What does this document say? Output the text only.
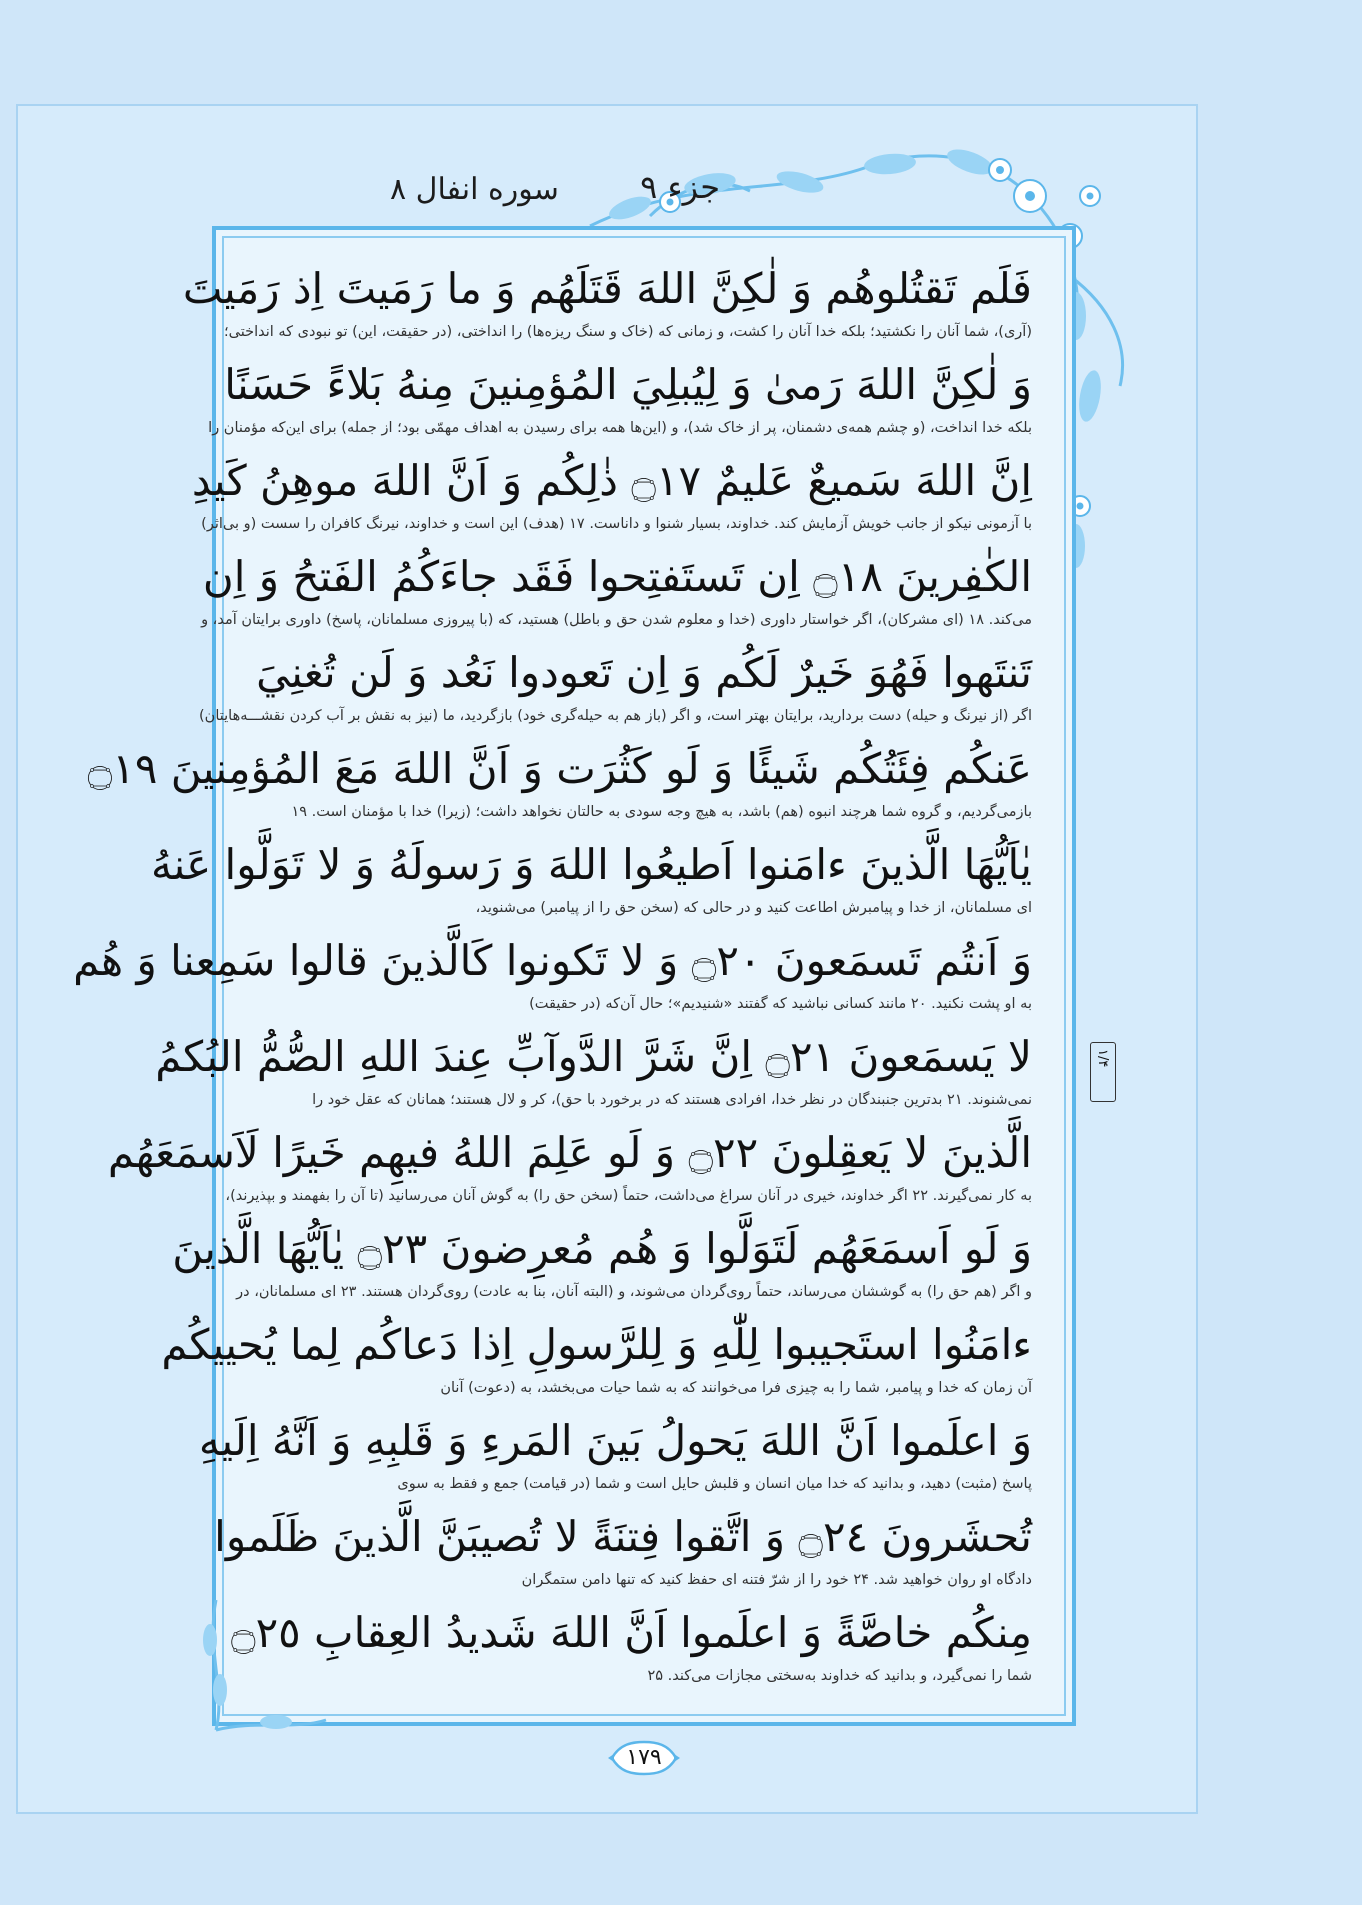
جزء ۹
سوره انفال ۸
فَلَم تَقتُلوهُم وَ لٰكِنَّ اللهَ قَتَلَهُم وَ ما رَمَيتَ اِذ رَمَيتَ
(آری)، شما آنان را نکشتید؛ بلکه خدا آنان را کشت، و زمانی که (خاک و سنگ ریزه‌ها) را انداختی، (در حقیقت، این) تو نبودی که انداختی؛
وَ لٰكِنَّ اللهَ رَمىٰ وَ لِيُبلِيَ المُؤمِنينَ مِنهُ بَلاءً حَسَنًا
بلکه خدا انداخت، (و چشم همه‌ی دشمنان، پر از خاک شد)، و (این‌ها همه برای رسیدن به اهداف مهمّی بود؛ از جمله) برای این‌که مؤمنان را
اِنَّ اللهَ سَميعٌ عَليمٌ ۝١٧ ذٰلِكُم وَ اَنَّ اللهَ موهِنُ كَيدِ
با آزمونی نیکو از جانب خویش آزمایش کند. خداوند، بسیار شنوا و داناست. ۱۷ (هدف) این است و خداوند، نیرنگ کافران را سست (و بی‌اثر)
الكٰفِرينَ ۝١٨ اِن تَستَفتِحوا فَقَد جاءَكُمُ الفَتحُ وَ اِن
می‌کند. ۱۸ (ای مشرکان)، اگر خواستار داوری (خدا و معلوم شدن حق و باطل) هستید، که (با پیروزی مسلمانان، پاسخ) داوری برایتان آمد، و
تَنتَهوا فَهُوَ خَيرٌ لَكُم وَ اِن تَعودوا نَعُد وَ لَن تُغنِيَ
اگر (از نیرنگ و حیله) دست بردارید، برایتان بهتر است، و اگر (باز هم به حیله‌گری خود) بازگردید، ما (نیز به نقش بر آب کردن نقشـــه‌هایتان)
عَنكُم فِئَتُكُم شَيئًا وَ لَو كَثُرَت وَ اَنَّ اللهَ مَعَ المُؤمِنينَ ۝١٩
بازمی‌گردیم، و گروه شما هرچند انبوه (هم) باشد، به هیچ وجه سودی به حالتان نخواهد داشت؛ (زیرا) خدا با مؤمنان است. ۱۹
يٰاَيُّهَا الَّذينَ ءامَنوا اَطيعُوا اللهَ وَ رَسولَهُ وَ لا تَوَلَّوا عَنهُ
ای مسلمانان، از خدا و پیامبرش اطاعت کنید و در حالی که (سخن حق را از پیامبر) می‌شنوید،
وَ اَنتُم تَسمَعونَ ۝٢٠ وَ لا تَكونوا كَالَّذينَ قالوا سَمِعنا وَ هُم
به او پشت نکنید. ۲۰ مانند کسانی نباشید که گفتند «شنیدیم»؛ حال آن‌که (در حقیقت)
لا يَسمَعونَ ۝٢١ اِنَّ شَرَّ الدَّوآبِّ عِندَ اللهِ الصُّمُّ البُكمُ
نمی‌شنوند. ۲۱ بدترین جنبندگان در نظر خدا، افرادی هستند که در برخورد با حق)، کر و لال هستند؛ همانان که عقل خود را
الَّذينَ لا يَعقِلونَ ۝٢٢ وَ لَو عَلِمَ اللهُ فيهِم خَيرًا لَاَسمَعَهُم
به کار نمی‌گیرند. ۲۲ اگر خداوند، خیری در آنان سراغ می‌داشت، حتماً (سخن حق را) به گوش آنان می‌رسانید (تا آن را بفهمند و بپذیرند)،
وَ لَو اَسمَعَهُم لَتَوَلَّوا وَ هُم مُعرِضونَ ۝٢٣ يٰاَيُّهَا الَّذينَ
و اگر (هم حق را) به گوششان می‌رساند، حتماً روی‌گردان می‌شوند، و (البته آنان، بنا به عادت) روی‌گردان هستند. ۲۳ ای مسلمانان، در
ءامَنُوا استَجيبوا لِلّٰهِ وَ لِلرَّسولِ اِذا دَعاكُم لِما يُحييكُم
آن زمان که خدا و پیامبر، شما را به چیزی فرا می‌خوانند که به شما حیات می‌بخشد، به (دعوت) آنان
وَ اعلَموا اَنَّ اللهَ يَحولُ بَينَ المَرءِ وَ قَلبِهِ وَ اَنَّهُ اِلَيهِ
پاسخ (مثبت) دهید، و بدانید که خدا میان انسان و قلبش حایل است و شما (در قیامت) جمع و فقط به سوی
تُحشَرونَ ۝٢٤ وَ اتَّقوا فِتنَةً لا تُصيبَنَّ الَّذينَ ظَلَموا
دادگاه او روان خواهید شد. ۲۴ خود را از شرّ فتنه ای حفظ کنید که تنها دامن ستمگران
مِنكُم خاصَّةً وَ اعلَموا اَنَّ اللهَ شَديدُ العِقابِ ۝٢٥
شما را نمی‌گیرد، و بدانید که خداوند به‌سختی مجازات می‌کند. ۲۵
۱/۴
۱۷۹
